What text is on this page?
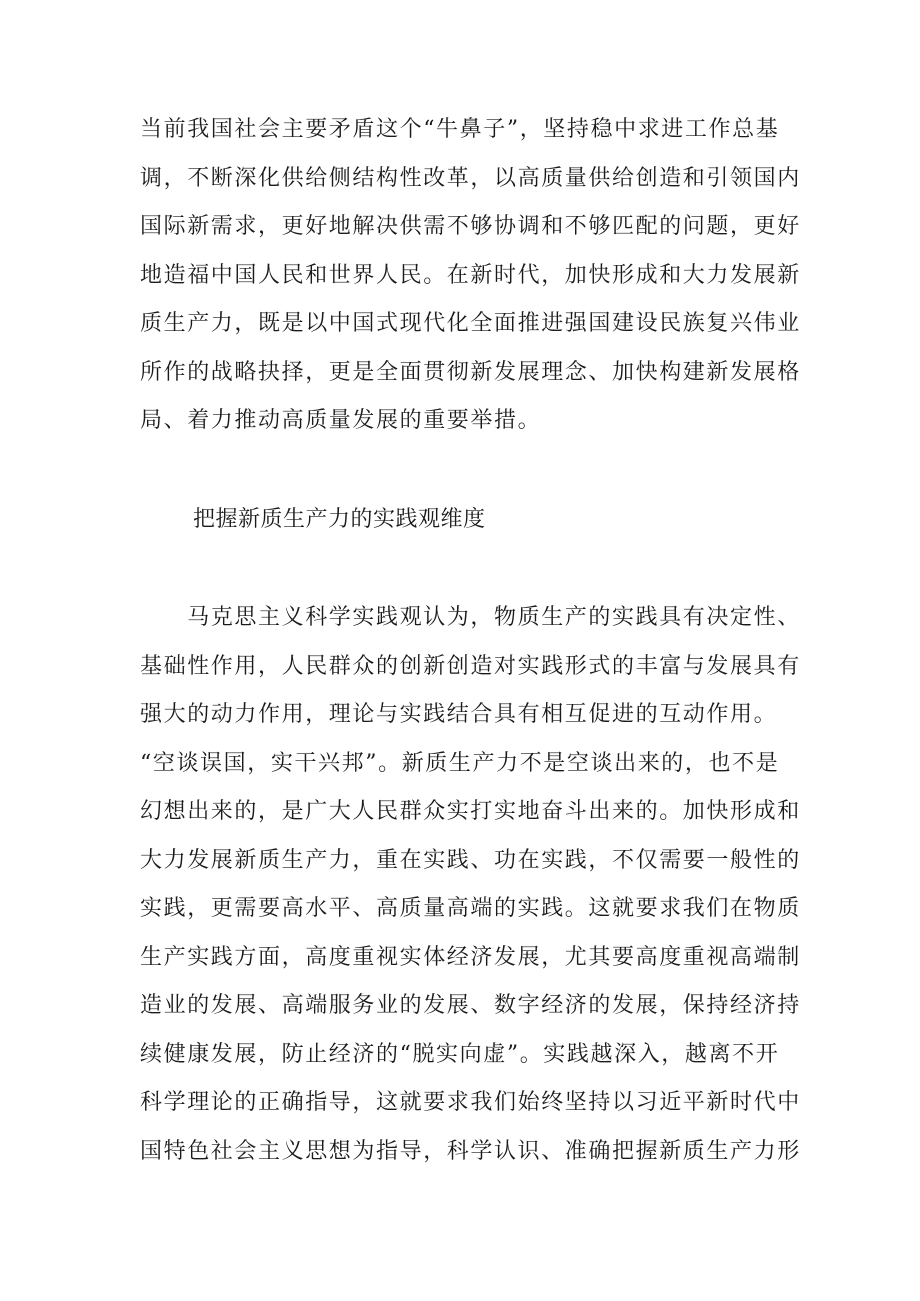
当前我国社会主要矛盾这个“牛鼻子”，坚持稳中求进工作总基
调，不断深化供给侧结构性改革，以高质量供给创造和引领国内
国际新需求，更好地解决供需不够协调和不够匹配的问题，更好
地造福中国人民和世界人民。在新时代，加快形成和大力发展新
质生产力，既是以中国式现代化全面推进强国建设民族复兴伟业
所作的战略抉择，更是全面贯彻新发展理念、加快构建新发展格
局、着力推动高质量发展的重要举措。
把握新质生产力的实践观维度
　　马克思主义科学实践观认为，物质生产的实践具有决定性、
基础性作用，人民群众的创新创造对实践形式的丰富与发展具有
强大的动力作用，理论与实践结合具有相互促进的互动作用。
“空谈误国，实干兴邦”。新质生产力不是空谈出来的，也不是
幻想出来的，是广大人民群众实打实地奋斗出来的。加快形成和
大力发展新质生产力，重在实践、功在实践，不仅需要一般性的
实践，更需要高水平、高质量高端的实践。这就要求我们在物质
生产实践方面，高度重视实体经济发展，尤其要高度重视高端制
造业的发展、高端服务业的发展、数字经济的发展，保持经济持
续健康发展，防止经济的“脱实向虚”。实践越深入，越离不开
科学理论的正确指导，这就要求我们始终坚持以习近平新时代中
国特色社会主义思想为指导，科学认识、准确把握新质生产力形
